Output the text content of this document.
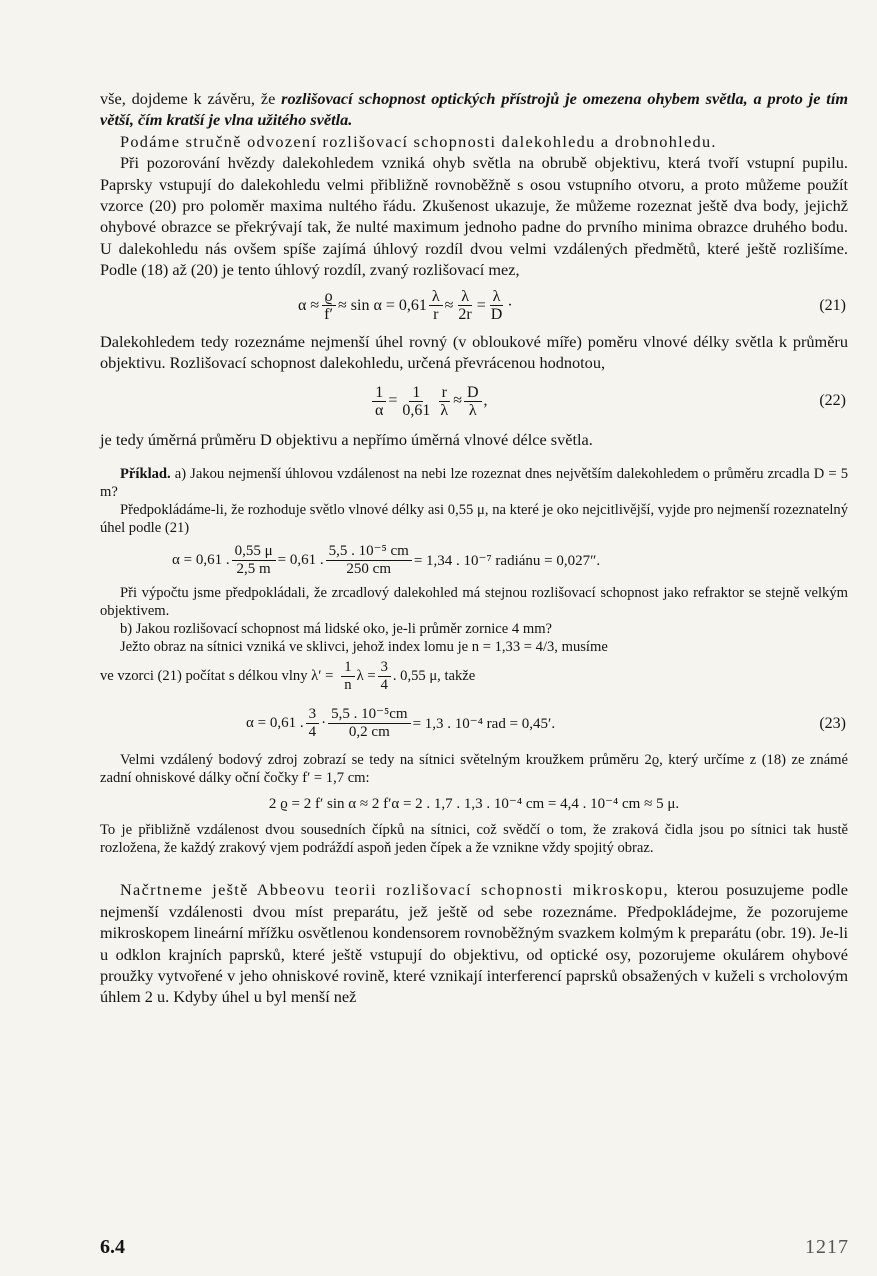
vše, dojdeme k závěru, že rozlišovací schopnost optických přístrojů je omezena ohybem světla, a proto je tím větší, čím kratší je vlna užitého světla.

Podáme stručně odvození rozlišovací schopnosti dalekohledu a drobnohledu.

Při pozorování hvězdy dalekohledem vzniká ohyb světla na obrubě objektivu, která tvoří vstupní pupilu. Paprsky vstupují do dalekohledu velmi přibližně rovnoběžně s osou vstupního otvoru, a proto můžeme použít vzorce (20) pro poloměr maxima nultého řádu. Zkušenost ukazuje, že můžeme rozeznat ještě dva body, jejichž ohybové obrazce se překrývají tak, že nulté maximum jednoho padne do prvního minima obrazce druhého bodu. U dalekohledu nás ovšem spíše zajímá úhlový rozdíl dvou velmi vzdálených předmětů, které ještě rozlišíme. Podle (18) až (20) je tento úhlový rozdíl, zvaný rozlišovací mez,

$\alpha \approx \frac{ϱ}{f'} \approx \sin \alpha = 0,61 \frac{\lambda}{r} \approx \frac{\lambda}{2r} = \frac{\lambda}{D}$ ·	(21)

Dalekohledem tedy rozeznáme nejmenší úhel rovný (v obloukové míře) poměru vlnové délky světla k průměru objektivu. Rozlišovací schopnost dalekohledu, určená převrácenou hodnotou,

$\frac{1}{\alpha} = \frac{1}{0,61} \frac{r}{\lambda} \approx \frac{D}{\lambda}$ ,	(22)

je tedy úměrná průměru D objektivu a nepřímo úměrná vlnové délce světla.

Příklad. a) Jakou nejmenší úhlovou vzdálenost na nebi lze rozeznat dnes největším dalekohledem o průměru zrcadla D = 5 m?

Předpokládáme-li, že rozhoduje světlo vlnové délky asi 0,55 μ, na které je oko nejcitlivější, vyjde pro nejmenší rozeznatelný úhel podle (21)

α = 0,61 . $\frac{0,55 \mu}{2,5 m} = 0,61$ . $\frac{\text{5,5 . 10⁻⁵ cm}}{250 cm} = 1,34$ . 10⁻⁷ radiánu = 0,027″.

Při výpočtu jsme předpokládali, že zrcadlový dalekohled má stejnou rozlišovací schopnost jako refraktor se stejně velkým objektivem.

b) Jakou rozlišovací schopnost má lidské oko, je-li průměr zornice 4 mm?

Ježto obraz na sítnici vzniká ve sklivci, jehož index lomu je n = 1,33 = 4/3, musíme

ve vzorci (21) počítat s délkou vlny $\lambda' = \frac{1}{n}$ $\lambda = \frac{3}{4}$ . 0,55 μ, takže

α = 0,61 . $\frac{3}{4} \cdot \frac{\text{5,5 . 10⁻⁵cm}}{0,2 cm} = 1,3$ . 10⁻⁴ rad = 0,45′.	(23)

Velmi vzdálený bodový zdroj zobrazí se tedy na sítnici světelným kroužkem průměru 2ϱ, který určíme z (18) ze známé zadní ohniskové dálky oční čočky f′ = 1,7 cm:

2 ϱ = 2 f′ sin α ≈ 2 f′α = 2 . 1,7 . 1,3 . 10⁻⁴ cm = 4,4 . 10⁻⁴ cm ≈ 5 μ.

To je přibližně vzdálenost dvou sousedních čípků na sítnici, což svědčí o tom, že zraková čidla jsou po sítnici tak hustě rozložena, že každý zrakový vjem podráždí aspoň jeden čípek a že vznikne vždy spojitý obraz.

Načrtneme ještě Abbeovu teorii rozlišovací schopnosti mikroskopu, kterou posuzujeme podle nejmenší vzdálenosti dvou míst preparátu, jež ještě od sebe rozeznáme. Předpokládejme, že pozorujeme mikroskopem lineární mřížku osvětlenou kondensorem rovnoběžným svazkem kolmým k preparátu (obr. 19). Je-li u odklon krajních paprsků, které ještě vstupují do objektivu, od optické osy, pozorujeme okulárem ohybové proužky vytvořené v jeho ohniskové rovině, které vznikají interferencí paprsků obsažených v kuželi s vrcholovým úhlem 2 u. Kdyby úhel u byl menší než

6.4	1217
